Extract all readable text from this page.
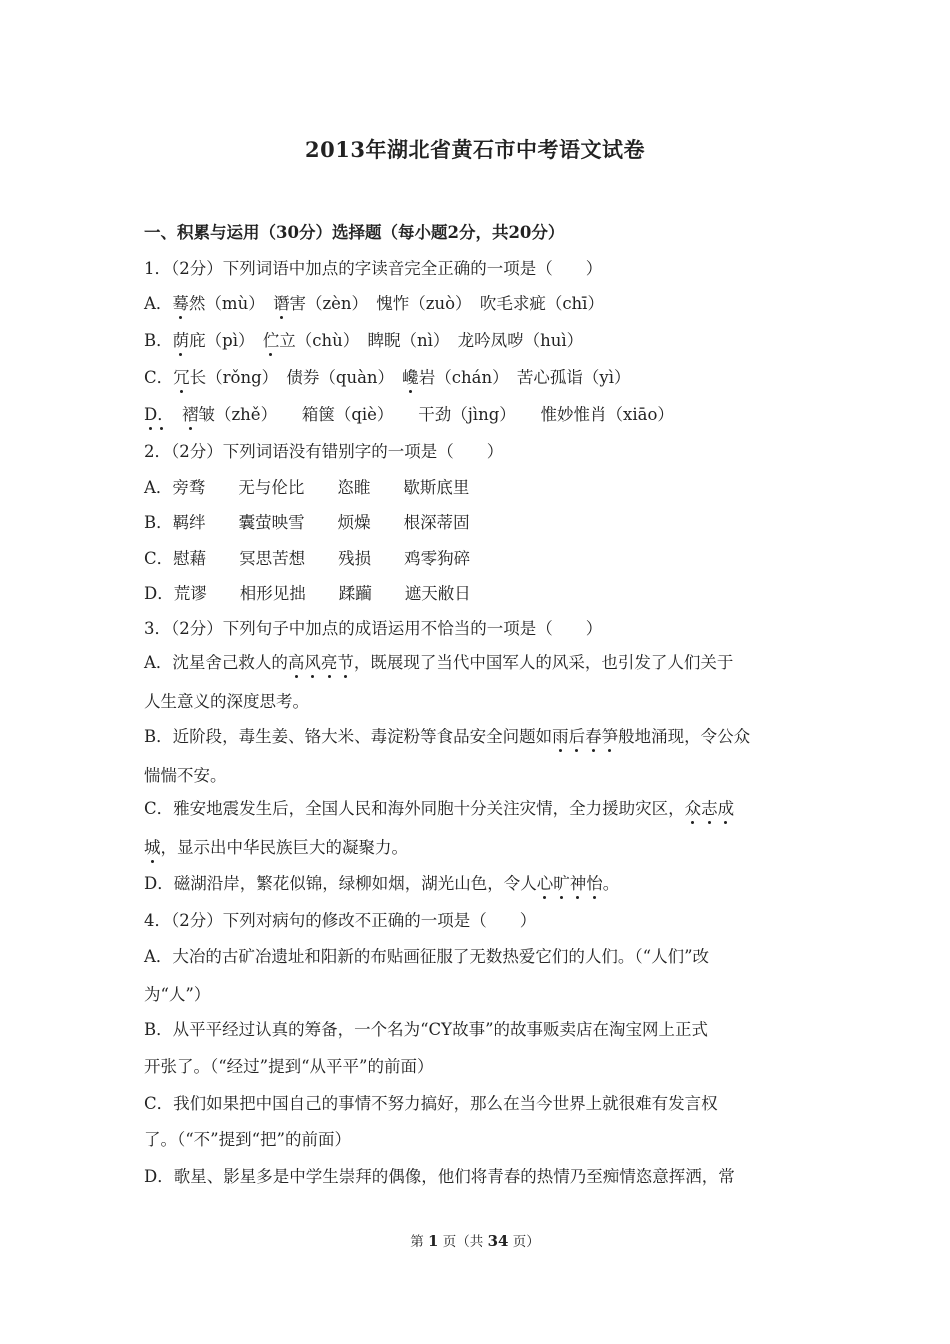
2013年湖北省黄石市中考语文试卷
一、积累与运用（30分）选择题（每小题2分，共20分）
1．（2分）下列词语中加点的字读音完全正确的一项是（　　）
A．蓦然（mù）　 谮害（zèn）　愧怍（zuò）　吹毛求疵（chī）
B．荫庇（pì）　 伫立（chù）　睥睨（nì）　龙吟凤哕（huì）
C．冗长（rǒng）　债券（quàn）　 巉岩（chán）　苦心孤诣（yì）
D．　 褶皱（zhě）　　箱箧（qiè）　　干劲（jìng）　　惟妙惟肖（xiāo）
2．（2分）下列词语没有错别字的一项是（　　）
A．旁骛　　无与伦比　　恣睢　　歇斯底里
B．羁绊　　囊萤映雪　　烦燥　　根深蒂固
C．慰藉　　冥思苦想　　残损　　鸡零狗碎
D．荒谬　　相形见拙　　蹂躏　　遮天敝日
3．（2分）下列句子中加点的成语运用不恰当的一项是（　　）
A．沈星舍己救人的高风亮节，既展现了当代中国军人的风采，也引发了人们关于
人生意义的深度思考。
B．近阶段，毒生姜、铬大米、毒淀粉等食品安全问题如雨后春笋般地涌现，令公众
惴惴不安。
C．雅安地震发生后，全国人民和海外同胞十分关注灾情，全力援助灾区，众志成
城，显示出中华民族巨大的凝聚力。
D．磁湖沿岸，繁花似锦，绿柳如烟，湖光山色，令人心旷神怡。
4．（2分）下列对病句的修改不正确的一项是（　　）
A．大冶的古矿冶遗址和阳新的布贴画征服了无数热爱它们的人们。（“人们”改
为“人”）
B．从平平经过认真的筹备，一个名为“CY故事”的故事贩卖店在淘宝网上正式
开张了。（“经过”提到“从平平”的前面）
C．我们如果把中国自己的事情不努力搞好，那么在当今世界上就很难有发言权
了。（“不”提到“把”的前面）
D．歌星、影星多是中学生崇拜的偶像，他们将青春的热情乃至痴情恣意挥洒，常
第 1 页（共 34 页）
